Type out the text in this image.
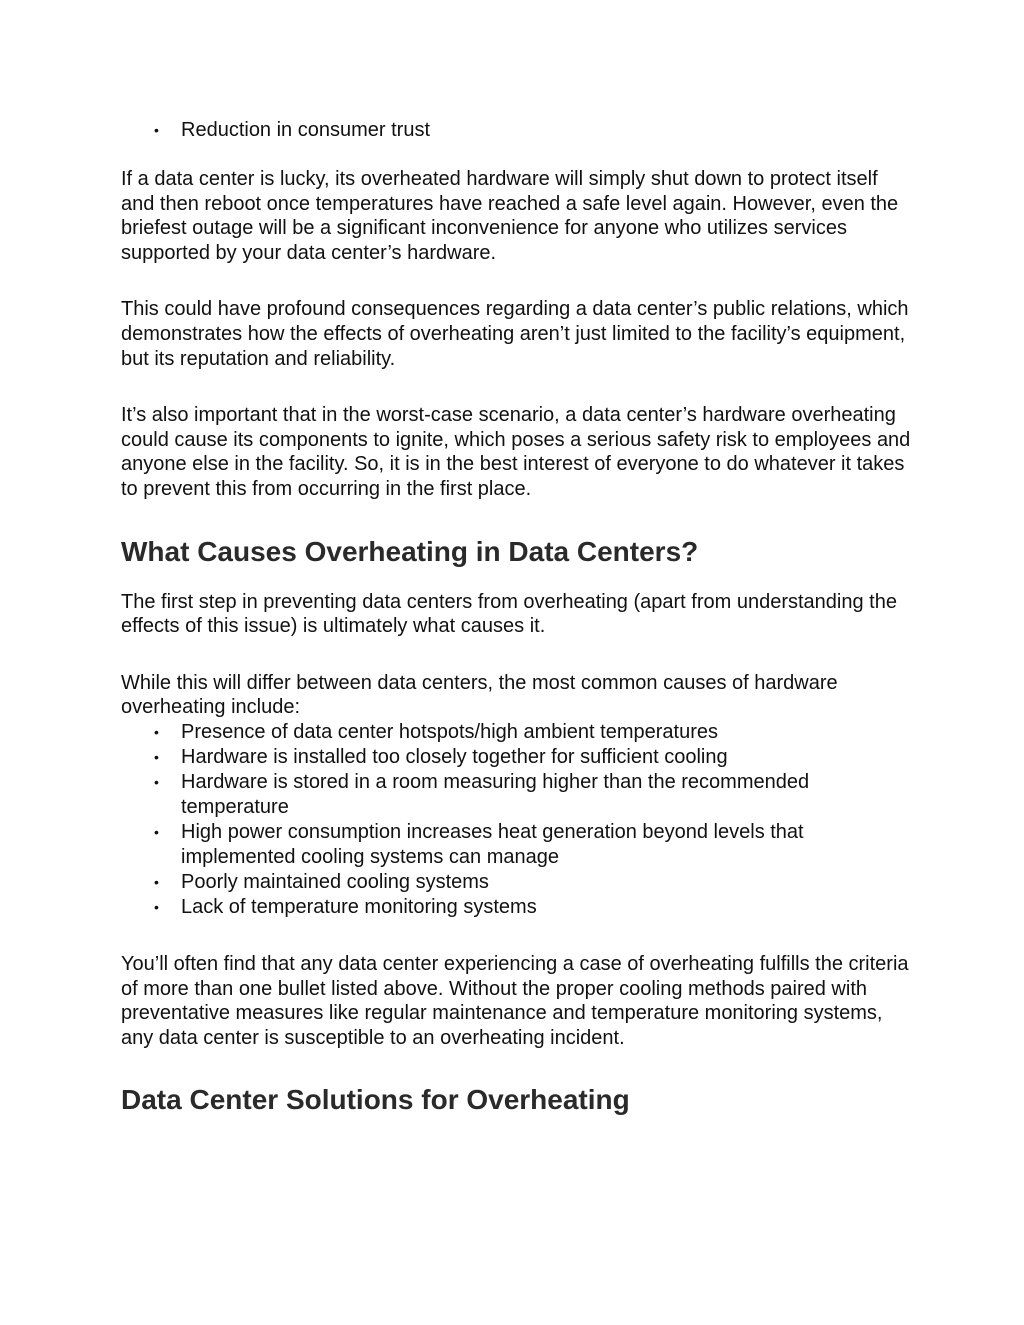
• Reduction in consumer trust

If a data center is lucky, its overheated hardware will simply shut down to protect itself and then reboot once temperatures have reached a safe level again. However, even the briefest outage will be a significant inconvenience for anyone who utilizes services supported by your data center’s hardware.

This could have profound consequences regarding a data center’s public relations, which demonstrates how the effects of overheating aren’t just limited to the facility’s equipment, but its reputation and reliability.

It’s also important that in the worst-case scenario, a data center’s hardware overheating could cause its components to ignite, which poses a serious safety risk to employees and anyone else in the facility. So, it is in the best interest of everyone to do whatever it takes to prevent this from occurring in the first place.

What Causes Overheating in Data Centers?

The first step in preventing data centers from overheating (apart from understanding the effects of this issue) is ultimately what causes it.

While this will differ between data centers, the most common causes of hardware overheating include:

• Presence of data center hotspots/high ambient temperatures
• Hardware is installed too closely together for sufficient cooling
• Hardware is stored in a room measuring higher than the recommended temperature
• High power consumption increases heat generation beyond levels that implemented cooling systems can manage
• Poorly maintained cooling systems
• Lack of temperature monitoring systems

You’ll often find that any data center experiencing a case of overheating fulfills the criteria of more than one bullet listed above. Without the proper cooling methods paired with preventative measures like regular maintenance and temperature monitoring systems, any data center is susceptible to an overheating incident.

Data Center Solutions for Overheating
